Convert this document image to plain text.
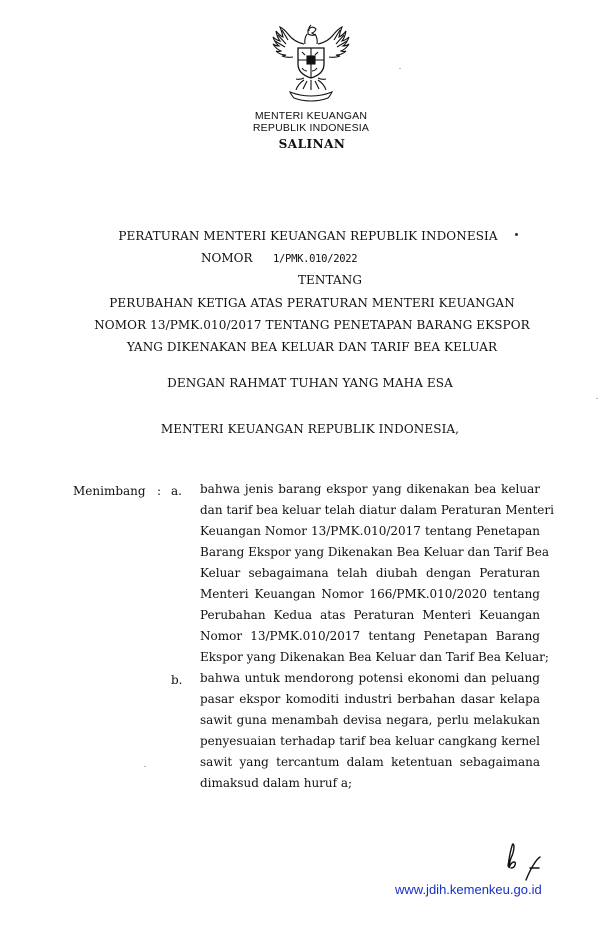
MENTERI KEUANGAN
REPUBLIK INDONESIA
SALINAN
PERATURAN MENTERI KEUANGAN REPUBLIK INDONESIA
NOMOR 1/PMK.010/2022
TENTANG
PERUBAHAN KETIGA ATAS PERATURAN MENTERI KEUANGAN
NOMOR 13/PMK.010/2017 TENTANG PENETAPAN BARANG EKSPOR
YANG DIKENAKAN BEA KELUAR DAN TARIF BEA KELUAR
DENGAN RAHMAT TUHAN YANG MAHA ESA
MENTERI KEUANGAN REPUBLIK INDONESIA,
Menimbang : a. bahwa jenis barang ekspor yang dikenakan bea keluar
dan tarif bea keluar telah diatur dalam Peraturan Menteri
Keuangan Nomor 13/PMK.010/2017 tentang Penetapan
Barang Ekspor yang Dikenakan Bea Keluar dan Tarif Bea
Keluar sebagaimana telah diubah dengan Peraturan
Menteri Keuangan Nomor 166/PMK.010/2020 tentang
Perubahan Kedua atas Peraturan Menteri Keuangan
Nomor 13/PMK.010/2017 tentang Penetapan Barang
Ekspor yang Dikenakan Bea Keluar dan Tarif Bea Keluar;

b. bahwa untuk mendorong potensi ekonomi dan peluang
pasar ekspor komoditi industri berbahan dasar kelapa
sawit guna menambah devisa negara, perlu melakukan
penyesuaian terhadap tarif bea keluar cangkang kernel
sawit yang tercantum dalam ketentuan sebagaimana
dimaksud dalam huruf a;

www.jdih.kemenkeu.go.id
